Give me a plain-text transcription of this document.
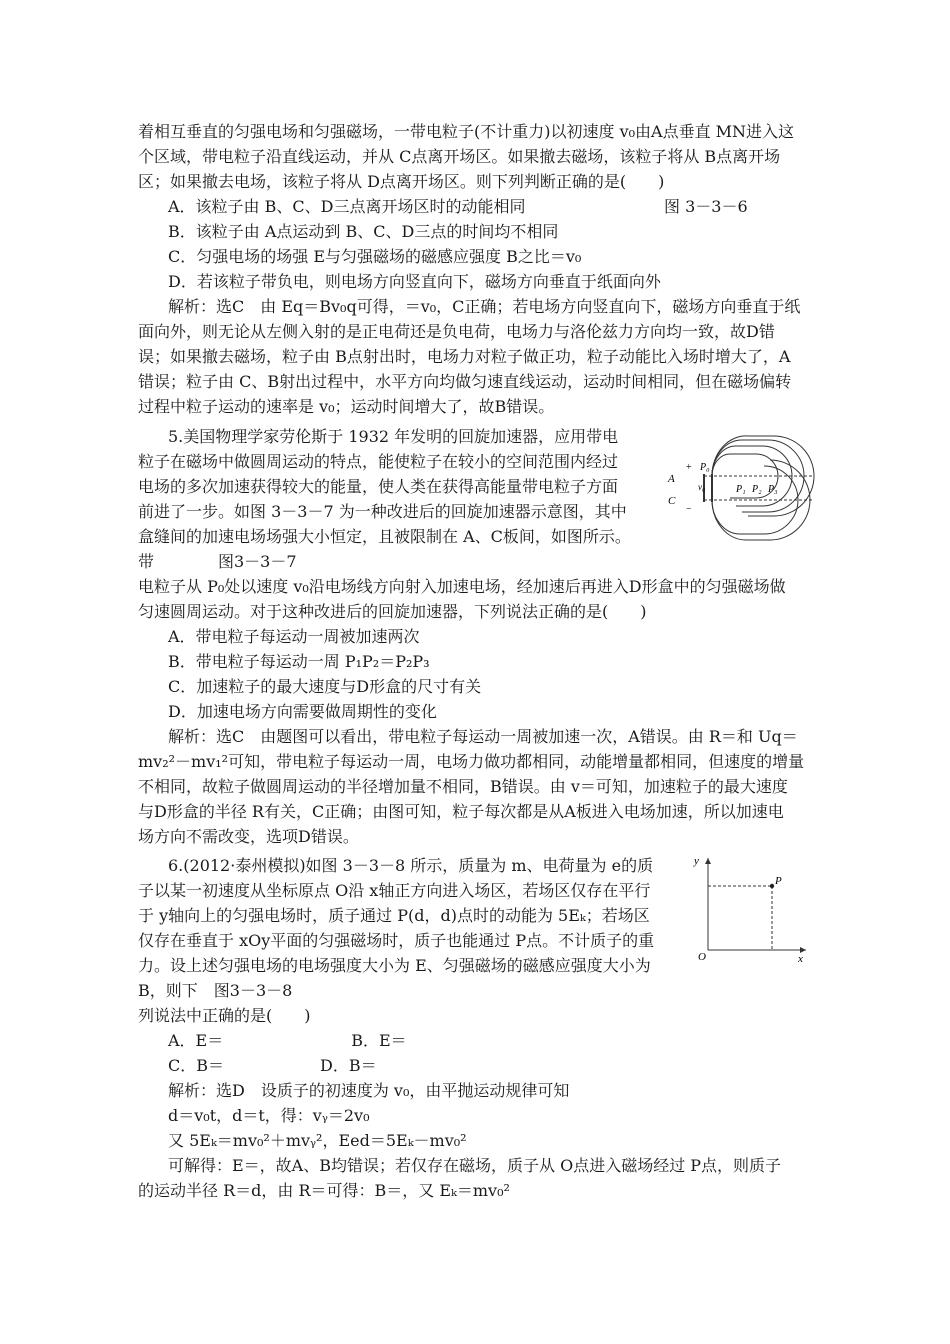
着相互垂直的匀强电场和匀强磁场，一带电粒子(不计重力)以初速度 v₀由A点垂直 MN进入这
个区域，带电粒子沿直线运动，并从 C点离开场区。如果撤去磁场，该粒子将从 B点离开场
区；如果撤去电场，该粒子将从 D点离开场区。则下列判断正确的是(　　)
A．该粒子由 B、C、D三点离开场区时的动能相同	图 3－3－6
B．该粒子由 A点运动到 B、C、D三点的时间均不相同
C．匀强电场的场强 E与匀强磁场的磁感应强度 B之比＝v₀
D．若该粒子带负电，则电场方向竖直向下，磁场方向垂直于纸面向外
解析：选C　由 Eq＝Bv₀q可得，＝v₀，C正确；若电场方向竖直向下，磁场方向垂直于纸
面向外，则无论从左侧入射的是正电荷还是负电荷，电场力与洛伦兹力方向均一致，故D错
误；如果撤去磁场，粒子由 B点射出时，电场力对粒子做正功，粒子动能比入场时增大了，A
错误；粒子由 C、B射出过程中，水平方向均做匀速直线运动，运动时间相同，但在磁场偏转
过程中粒子运动的速率是 v₀；运动时间增大了，故B错误。
5.美国物理学家劳伦斯于 1932 年发明的回旋加速器，应用带电
粒子在磁场中做圆周运动的特点，能使粒子在较小的空间范围内经过
电场的多次加速获得较大的能量，使人类在获得高能量带电粒子方面
前进了一步。如图 3－3－7 为一种改进后的回旋加速器示意图，其中
盒缝间的加速电场场强大小恒定，且被限制在 A、C板间，如图所示。
带　　　　图3－3－7
电粒子从 P₀处以速度 v₀沿电场线方向射入加速电场，经加速后再进入D形盒中的匀强磁场做
匀速圆周运动。对于这种改进后的回旋加速器，下列说法正确的是(　　)
A．带电粒子每运动一周被加速两次
B．带电粒子每运动一周 P₁P₂＝P₂P₃
C．加速粒子的最大速度与D形盒的尺寸有关
D．加速电场方向需要做周期性的变化
解析：选C　由题图可以看出，带电粒子每运动一周被加速一次，A错误。由 R＝和 Uq＝
mv₂²－mv₁²可知，带电粒子每运动一周，电场力做功都相同，动能增量都相同，但速度的增量
不相同，故粒子做圆周运动的半径增加量不相同，B错误。由 v＝可知，加速粒子的最大速度
与D形盒的半径 R有关，C正确；由图可知，粒子每次都是从A板进入电场加速，所以加速电
场方向不需改变，选项D错误。
6.(2012·泰州模拟)如图 3－3－8 所示，质量为 m、电荷量为 e的质
子以某一初速度从坐标原点 O沿 x轴正方向进入场区，若场区仅存在平行
于 y轴向上的匀强电场时，质子通过 P(d，d)点时的动能为 5Eₖ；若场区
仅存在垂直于 xOy平面的匀强磁场时，质子也能通过 P点。不计质子的重
力。设上述匀强电场的电场强度大小为 E、匀强磁场的磁感应强度大小为
B，则下　图3－3－8
列说法中正确的是(　　)
A．E＝　　　　　　　　B．E＝
C．B＝　　　　　　D．B＝
解析：选D　设质子的初速度为 v₀，由平抛运动规律可知
d＝v₀t，d＝t，得：vᵧ＝2v₀
又 5Eₖ＝mv₀²＋mvᵧ²，Eed＝5Eₖ－mv₀²
可解得：E＝，故A、B均错误；若仅存在磁场，质子从 O点进入磁场经过 P点，则质子
的运动半径 R＝d，由 R＝可得：B＝，又 Eₖ＝mv₀²
A
C
P₀
v₀	P₁ P₂ P₃
+
−
y
O	x
P
